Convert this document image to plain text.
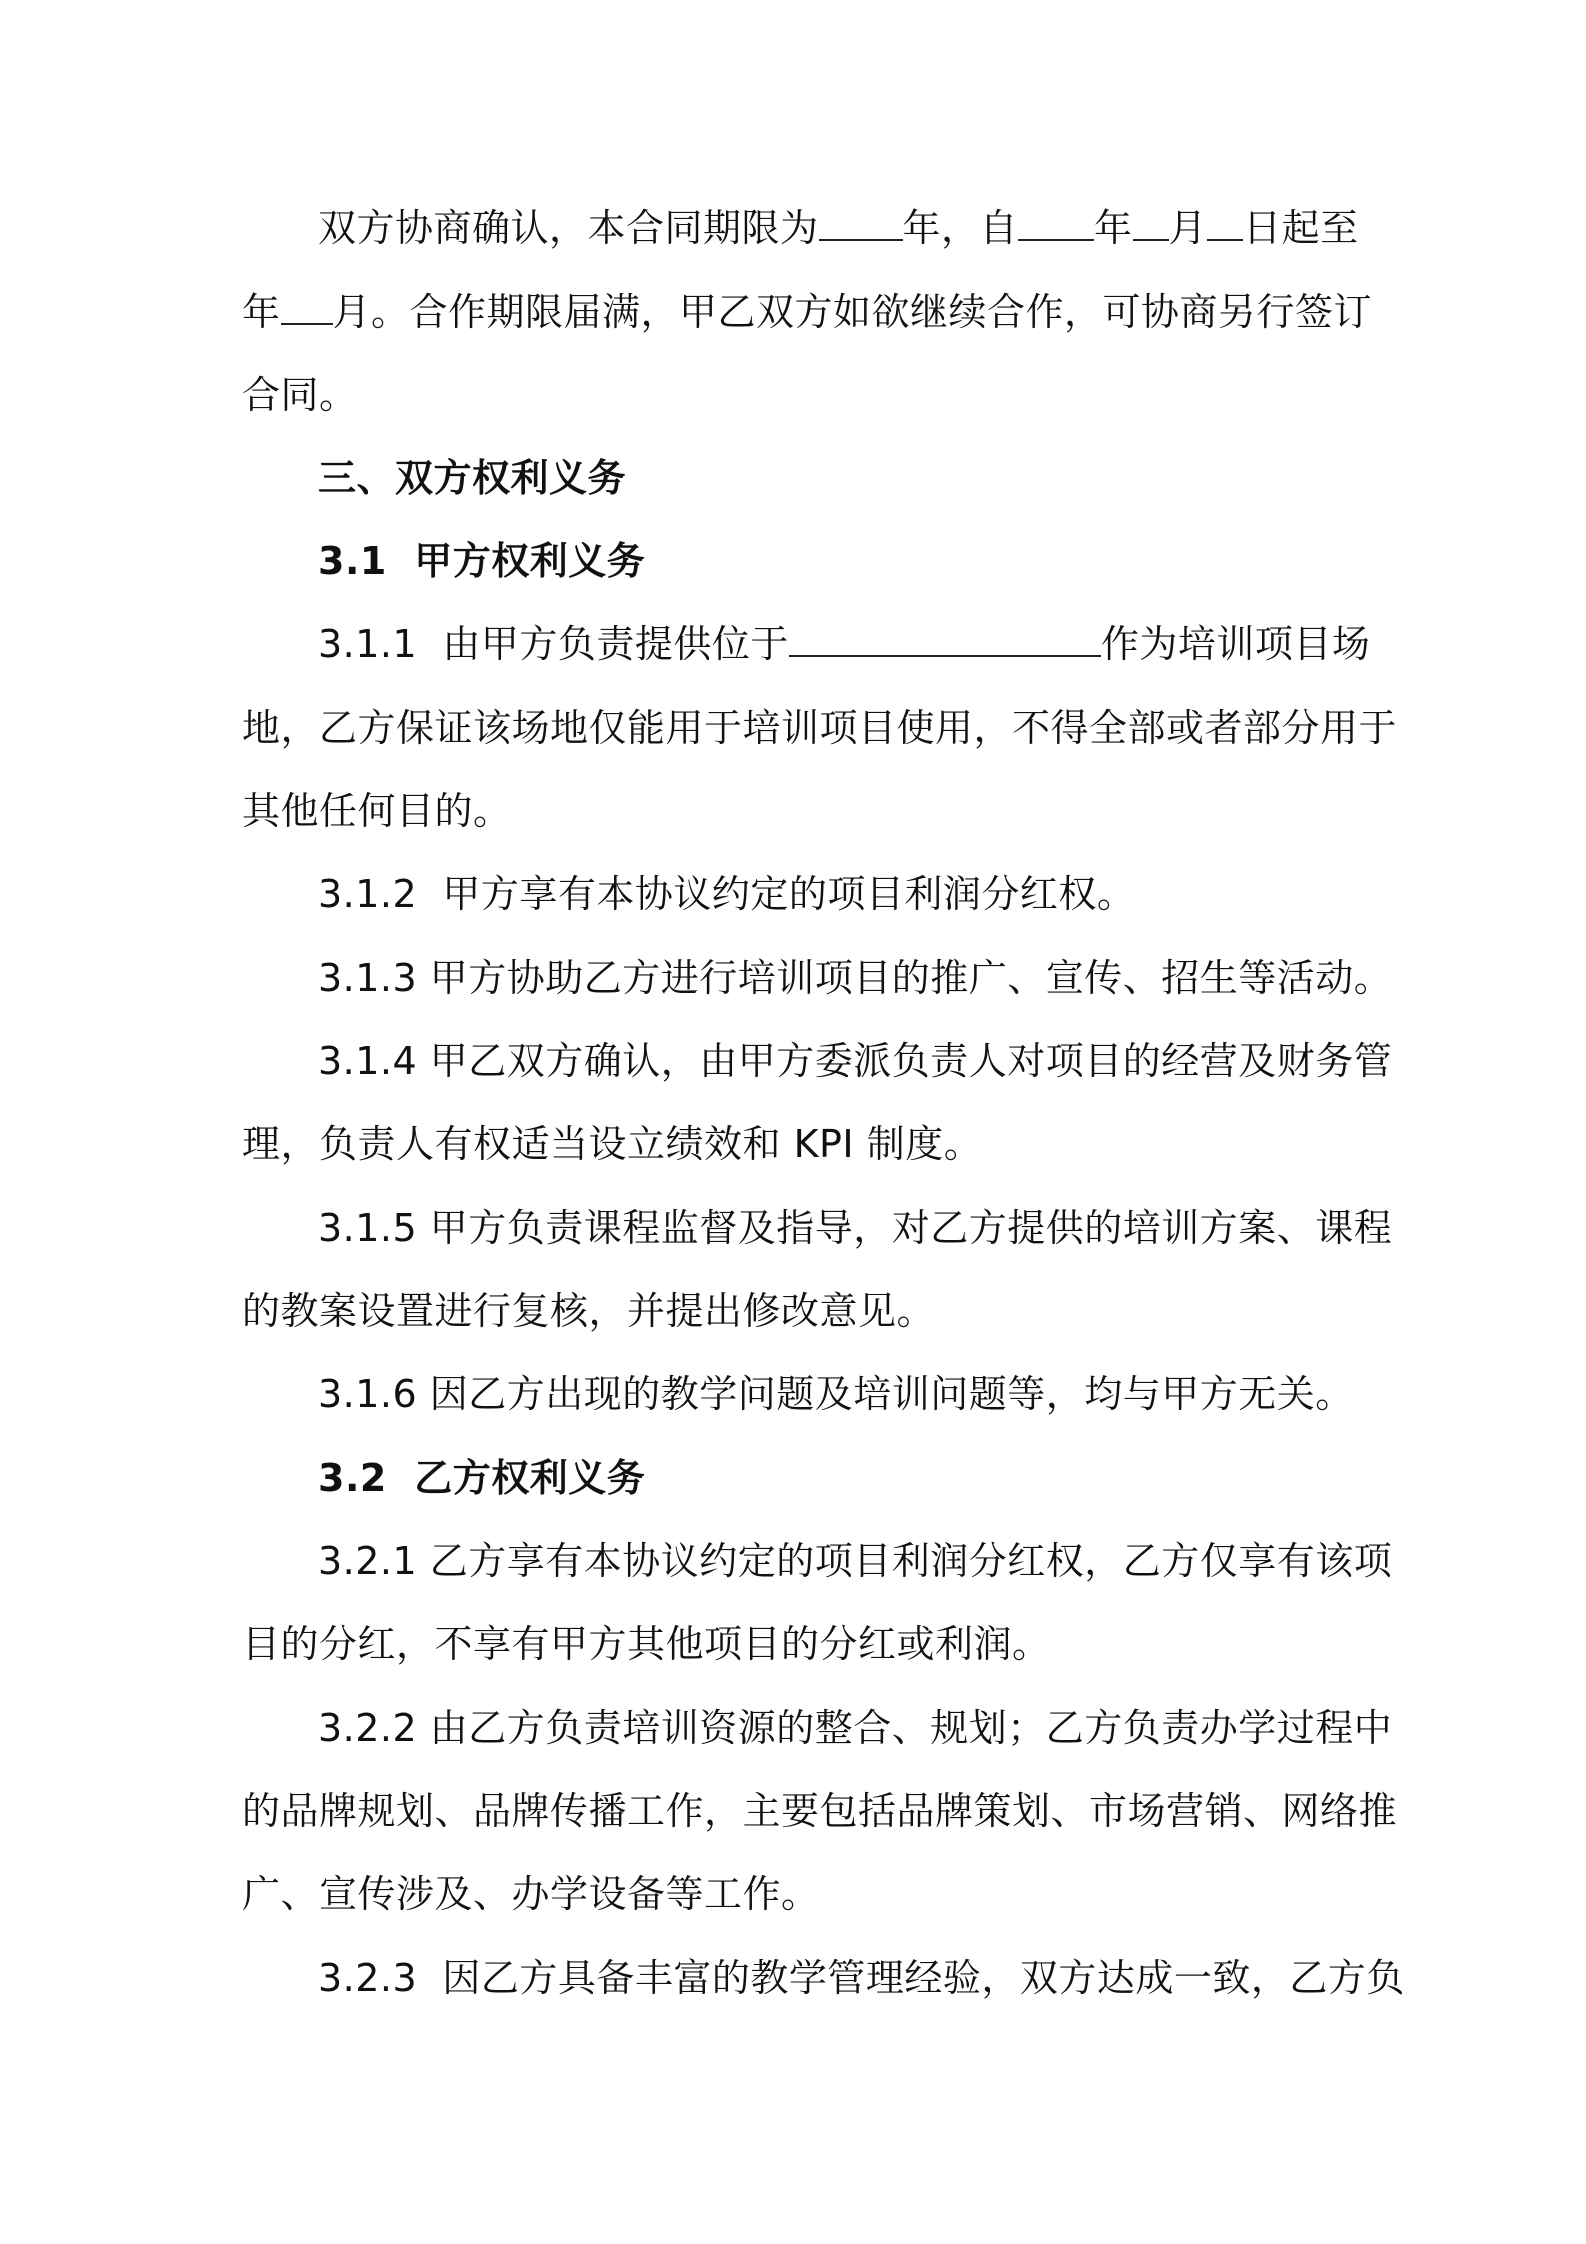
双方协商确认，本合同期限为 年，自 年 月 日起至
年 月。合作期限届满，甲乙双方如欲继续合作，可协商另行签订
合同。
三、双方权利义务
3.1  甲方权利义务
3.1.1  由甲方负责提供位于	作为培训项目场
地，乙方保证该场地仅能用于培训项目使用，不得全部或者部分用于
其他任何目的。
3.1.2  甲方享有本协议约定的项目利润分红权。
3.1.3 甲方协助乙方进行培训项目的推广、宣传、招生等活动。
3.1.4 甲乙双方确认，由甲方委派负责人对项目的经营及财务管
理，负责人有权适当设立绩效和 KPI 制度。
3.1.5 甲方负责课程监督及指导，对乙方提供的培训方案、课程
的教案设置进行复核，并提出修改意见。
3.1.6 因乙方出现的教学问题及培训问题等，均与甲方无关。
3.2  乙方权利义务
3.2.1 乙方享有本协议约定的项目利润分红权，乙方仅享有该项
目的分红，不享有甲方其他项目的分红或利润。
3.2.2 由乙方负责培训资源的整合、规划；乙方负责办学过程中
的品牌规划、品牌传播工作，主要包括品牌策划、市场营销、网络推
广、宣传涉及、办学设备等工作。
3.2.3  因乙方具备丰富的教学管理经验，双方达成一致，乙方负
